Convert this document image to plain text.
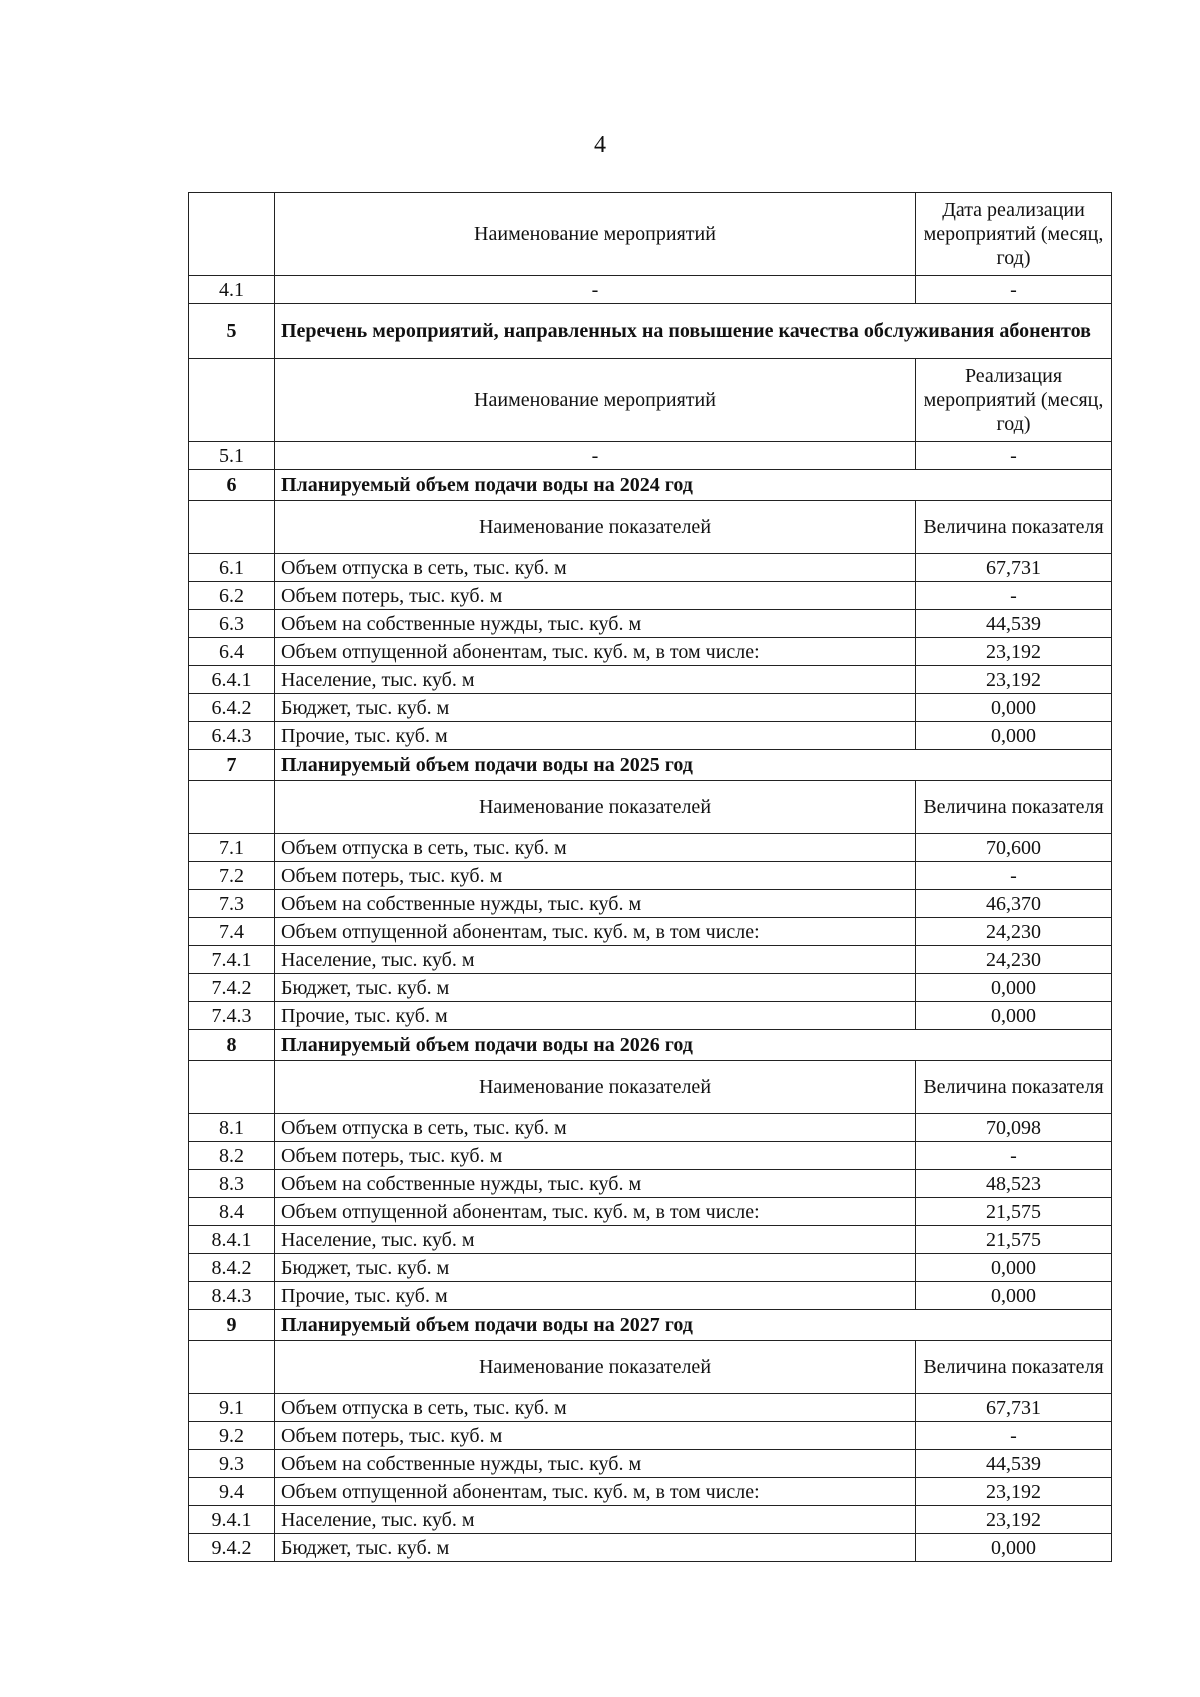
4
	Наименование мероприятий	Дата реализации мероприятий (месяц, год)
4.1	-	-
5	Перечень мероприятий, направленных на повышение качества обслуживания абонентов	
	Наименование мероприятий	Реализация мероприятий (месяц, год)
5.1	-	-
6	Планируемый объем подачи воды на 2024 год	
	Наименование показателей	Величина показателя
6.1	Объем отпуска в сеть, тыс. куб. м	67,731
6.2	Объем потерь, тыс. куб. м	-
6.3	Объем на собственные нужды, тыс. куб. м	44,539
6.4	Объем отпущенной абонентам, тыс. куб. м, в том числе:	23,192
6.4.1	Население, тыс. куб. м	23,192
6.4.2	Бюджет, тыс. куб. м	0,000
6.4.3	Прочие, тыс. куб. м	0,000
7	Планируемый объем подачи воды на 2025 год	
	Наименование показателей	Величина показателя
7.1	Объем отпуска в сеть, тыс. куб. м	70,600
7.2	Объем потерь, тыс. куб. м	-
7.3	Объем на собственные нужды, тыс. куб. м	46,370
7.4	Объем отпущенной абонентам, тыс. куб. м, в том числе:	24,230
7.4.1	Население, тыс. куб. м	24,230
7.4.2	Бюджет, тыс. куб. м	0,000
7.4.3	Прочие, тыс. куб. м	0,000
8	Планируемый объем подачи воды на 2026 год	
	Наименование показателей	Величина показателя
8.1	Объем отпуска в сеть, тыс. куб. м	70,098
8.2	Объем потерь, тыс. куб. м	-
8.3	Объем на собственные нужды, тыс. куб. м	48,523
8.4	Объем отпущенной абонентам, тыс. куб. м, в том числе:	21,575
8.4.1	Население, тыс. куб. м	21,575
8.4.2	Бюджет, тыс. куб. м	0,000
8.4.3	Прочие, тыс. куб. м	0,000
9	Планируемый объем подачи воды на 2027 год	
	Наименование показателей	Величина показателя
9.1	Объем отпуска в сеть, тыс. куб. м	67,731
9.2	Объем потерь, тыс. куб. м	-
9.3	Объем на собственные нужды, тыс. куб. м	44,539
9.4	Объем отпущенной абонентам, тыс. куб. м, в том числе:	23,192
9.4.1	Население, тыс. куб. м	23,192
9.4.2	Бюджет, тыс. куб. м	0,000
